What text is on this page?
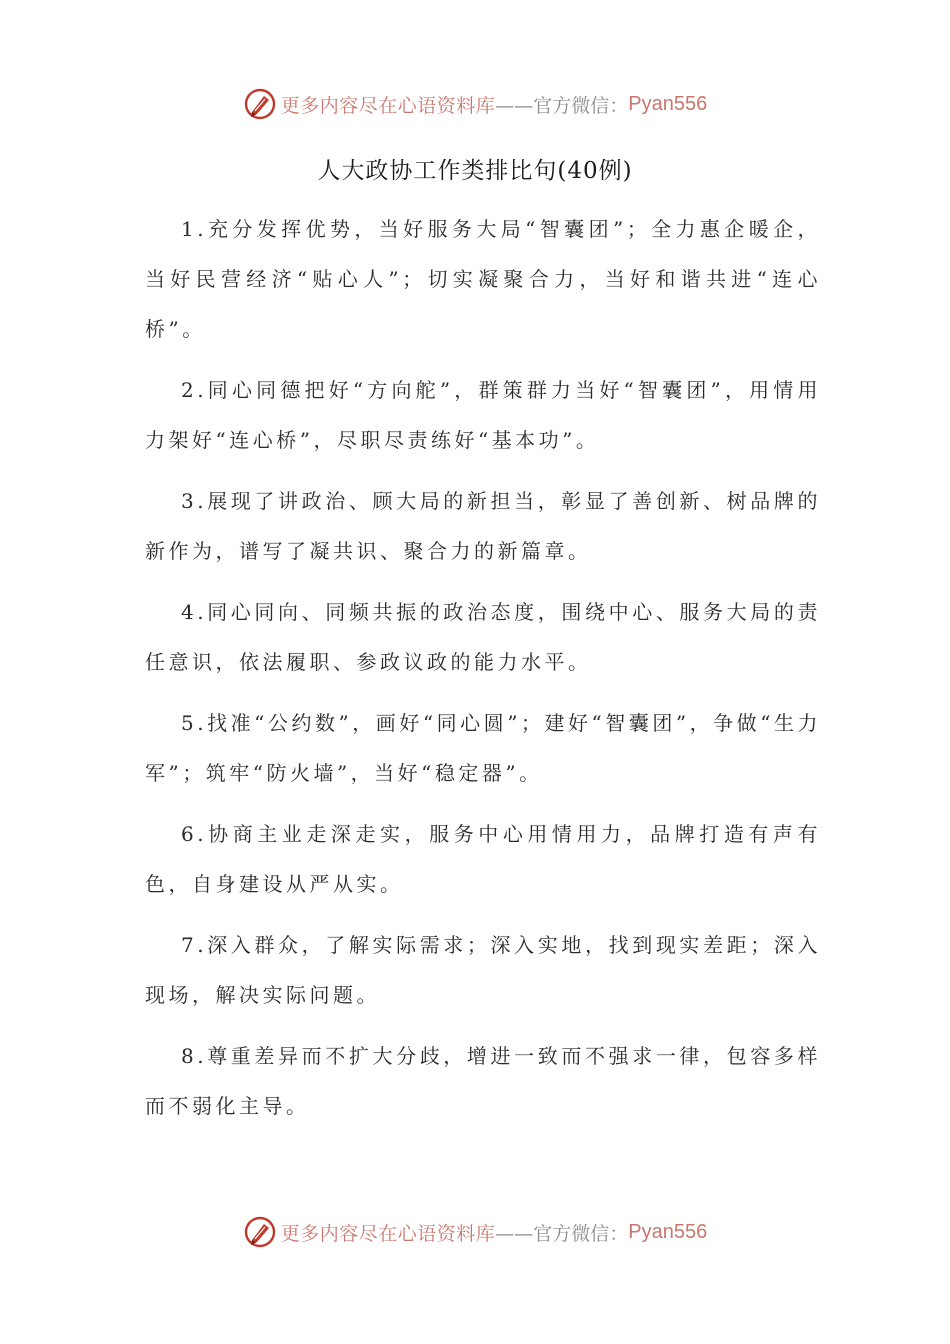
更多内容尽在心语资料库 ——官方微信： Pyan556
人大政协工作类排比句(40例)

1.充分发挥优势，当好服务大局“智囊团”；全力惠企暖企，当好民营经济“贴心人”；切实凝聚合力，当好和谐共进“连心桥”。

2.同心同德把好“方向舵”，群策群力当好“智囊团”，用情用力架好“连心桥”，尽职尽责练好“基本功”。

3.展现了讲政治、顾大局的新担当，彰显了善创新、树品牌的新作为，谱写了凝共识、聚合力的新篇章。

4.同心同向、同频共振的政治态度，围绕中心、服务大局的责任意识，依法履职、参政议政的能力水平。

5.找准“公约数”，画好“同心圆”；建好“智囊团”，争做“生力军”；筑牢“防火墙”，当好“稳定器”。

6.协商主业走深走实，服务中心用情用力，品牌打造有声有色，自身建设从严从实。

7.深入群众，了解实际需求；深入实地，找到现实差距；深入现场，解决实际问题。

8.尊重差异而不扩大分歧，增进一致而不强求一律，包容多样而不弱化主导。

更多内容尽在心语资料库 ——官方微信： Pyan556
